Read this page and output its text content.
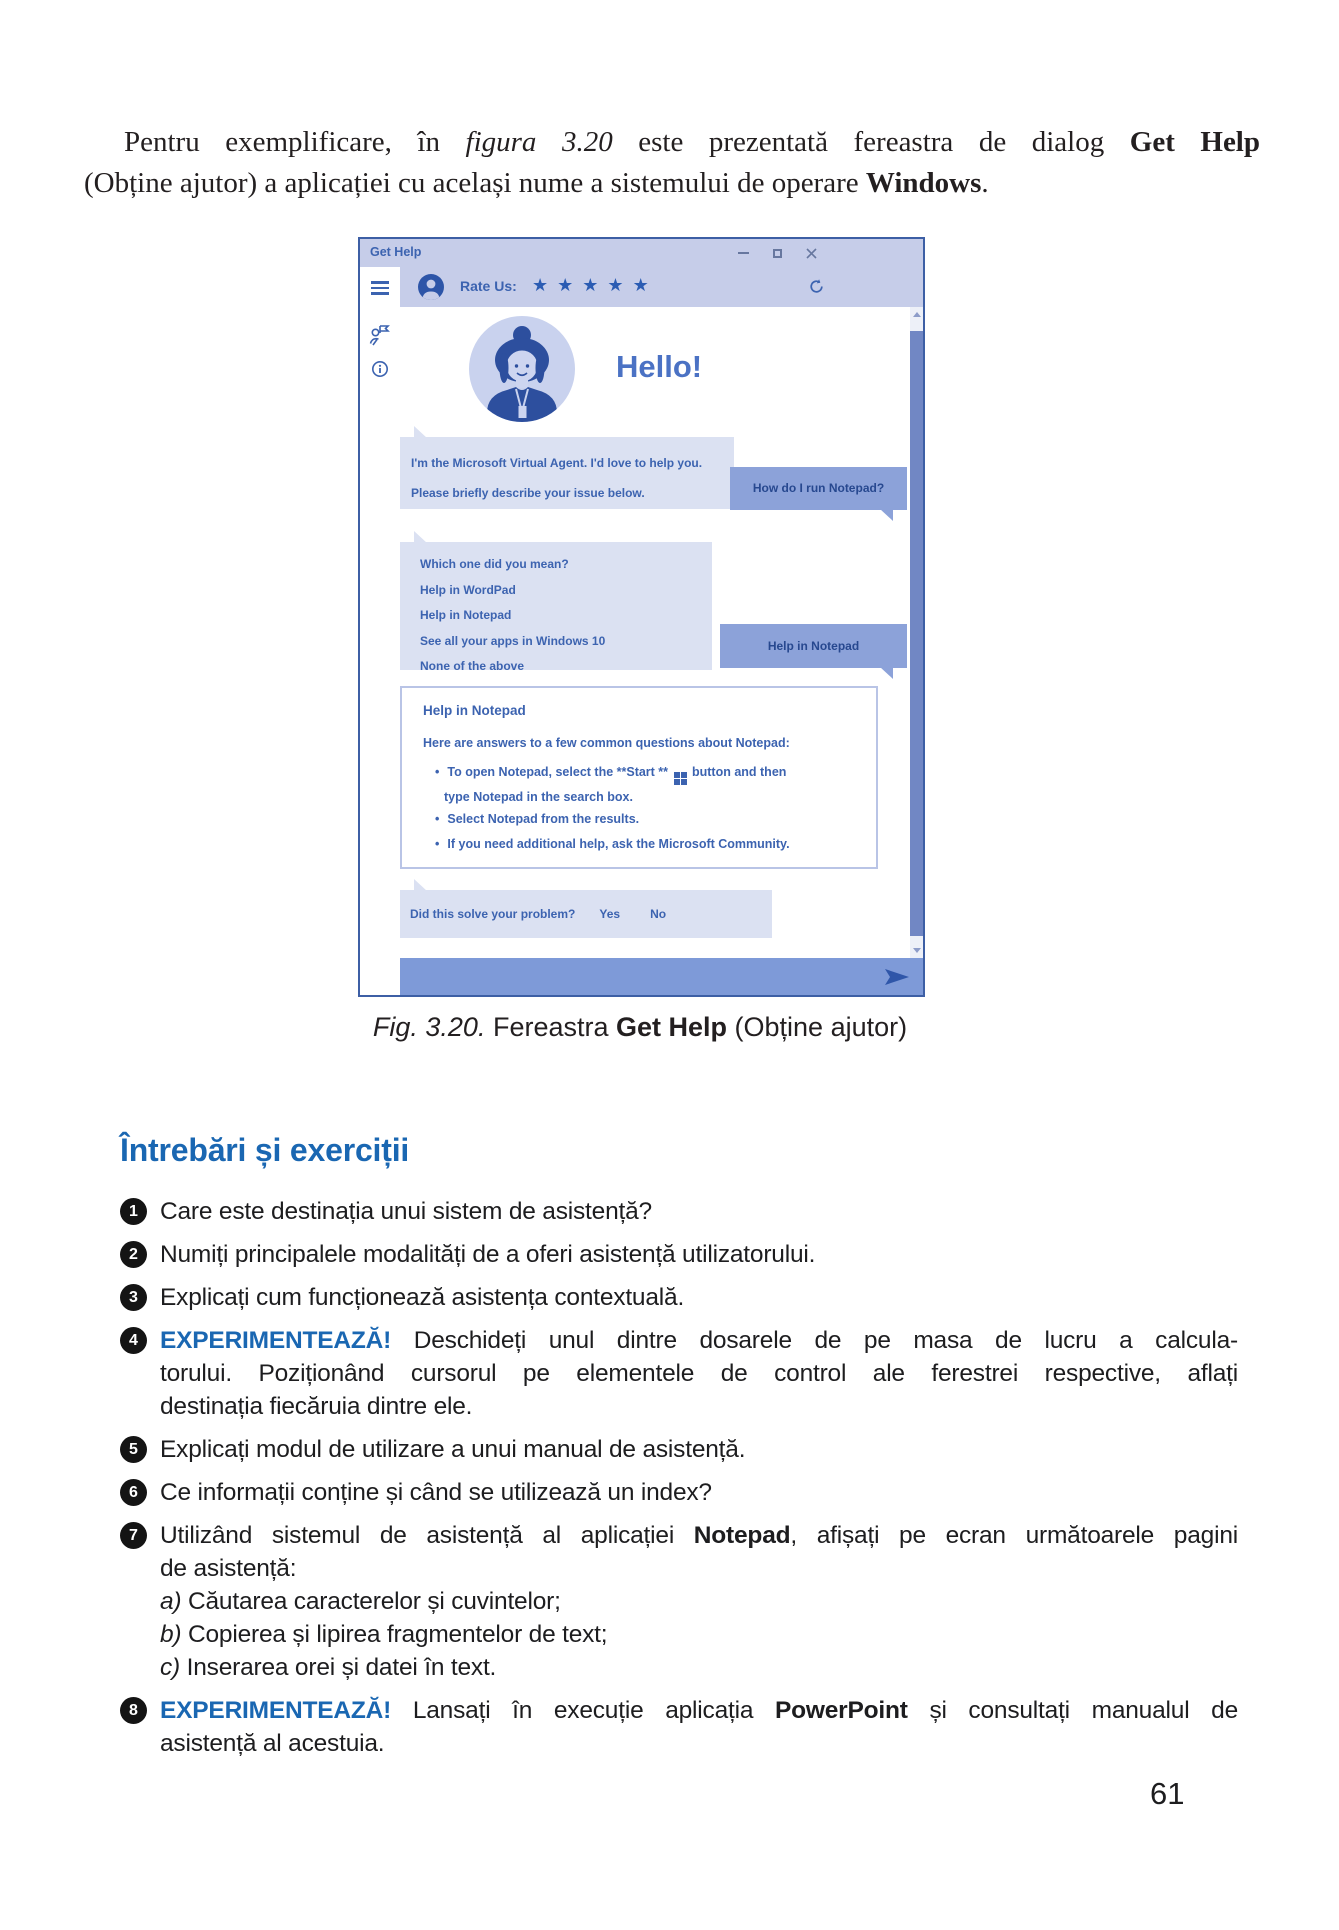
Pentru exemplificare, în figura 3.20 este prezentată fereastra de dialog Get Help
(Obține ajutor) a aplicației cu același nume a sistemului de operare Windows.

Get Help
Rate Us: ★ ★ ★ ★ ★
Hello!
I'm the Microsoft Virtual Agent. I'd love to help you.
Please briefly describe your issue below.	How do I run Notepad?
Which one did you mean?
Help in WordPad
Help in Notepad
See all your apps in Windows 10
None of the above
Help in Notepad
Help in Notepad
Here are answers to a few common questions about Notepad:
• To open Notepad, select the **Start **
button and then
type Notepad in the search box.
• Select Notepad from the results.
• If you need additional help, ask the Microsoft Community.
Did this solve your problem? Yes	No
Fig. 3.20. Fereastra Get Help (Obține ajutor)
Întrebări și exerciții
1 Care este destinația unui sistem de asistență?
2 Numiți principalele modalități de a oferi asistență utilizatorului.
3 Explicați cum funcționează asistența contextuală.
4 EXPERIMENTEAZĂ! Deschideți unul dintre dosarele de pe masa de lucru a calcula-
torului. Poziționând cursorul pe elementele de control ale ferestrei respective, aflați
destinația fiecăruia dintre ele.
5 Explicați modul de utilizare a unui manual de asistență.
6 Ce informații conține și când se utilizează un index?
7 Utilizând sistemul de asistență al aplicației Notepad, afișați pe ecran următoarele pagini
de asistență:
a) Căutarea caracterelor și cuvintelor;
b) Copierea și lipirea fragmentelor de text;
c) Inserarea orei și datei în text.
8 EXPERIMENTEAZĂ! Lansați în execuție aplicația PowerPoint și consultați manualul de
asistență al acestuia.
61
